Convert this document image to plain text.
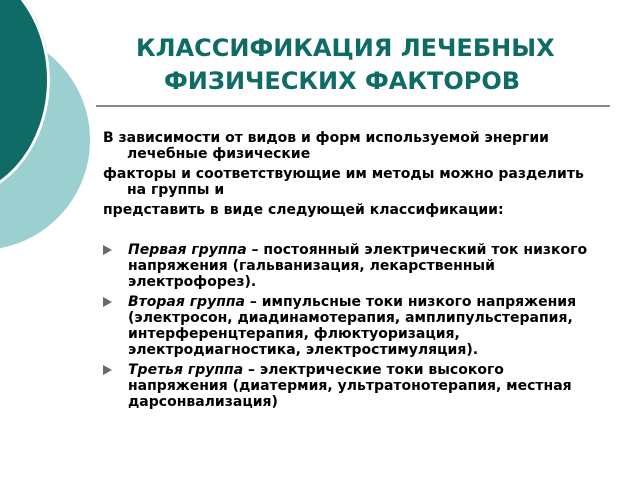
КЛАССИФИКАЦИЯ ЛЕЧЕБНЫХ
ФИЗИЧЕСКИХ ФАКТОРОВ

В зависимости от видов и форм используемой энергии лечебные физические

факторы и соответствующие им методы можно разделить на группы и

представить в виде следующей классификации:

Первая группа – постоянный электрический ток низкого напряжения (гальванизация, лекарственный электрофорез).
Вторая группа – импульсные токи низкого напряжения (электросон, диадинамотерапия, амплипульстерапия, интерференцтерапия, флюктуоризация, электродиагностика, электростимуляция).
Третья группа – электрические токи высокого напряжения (диатермия, ультратонотерапия, местная дарсонвализация)
